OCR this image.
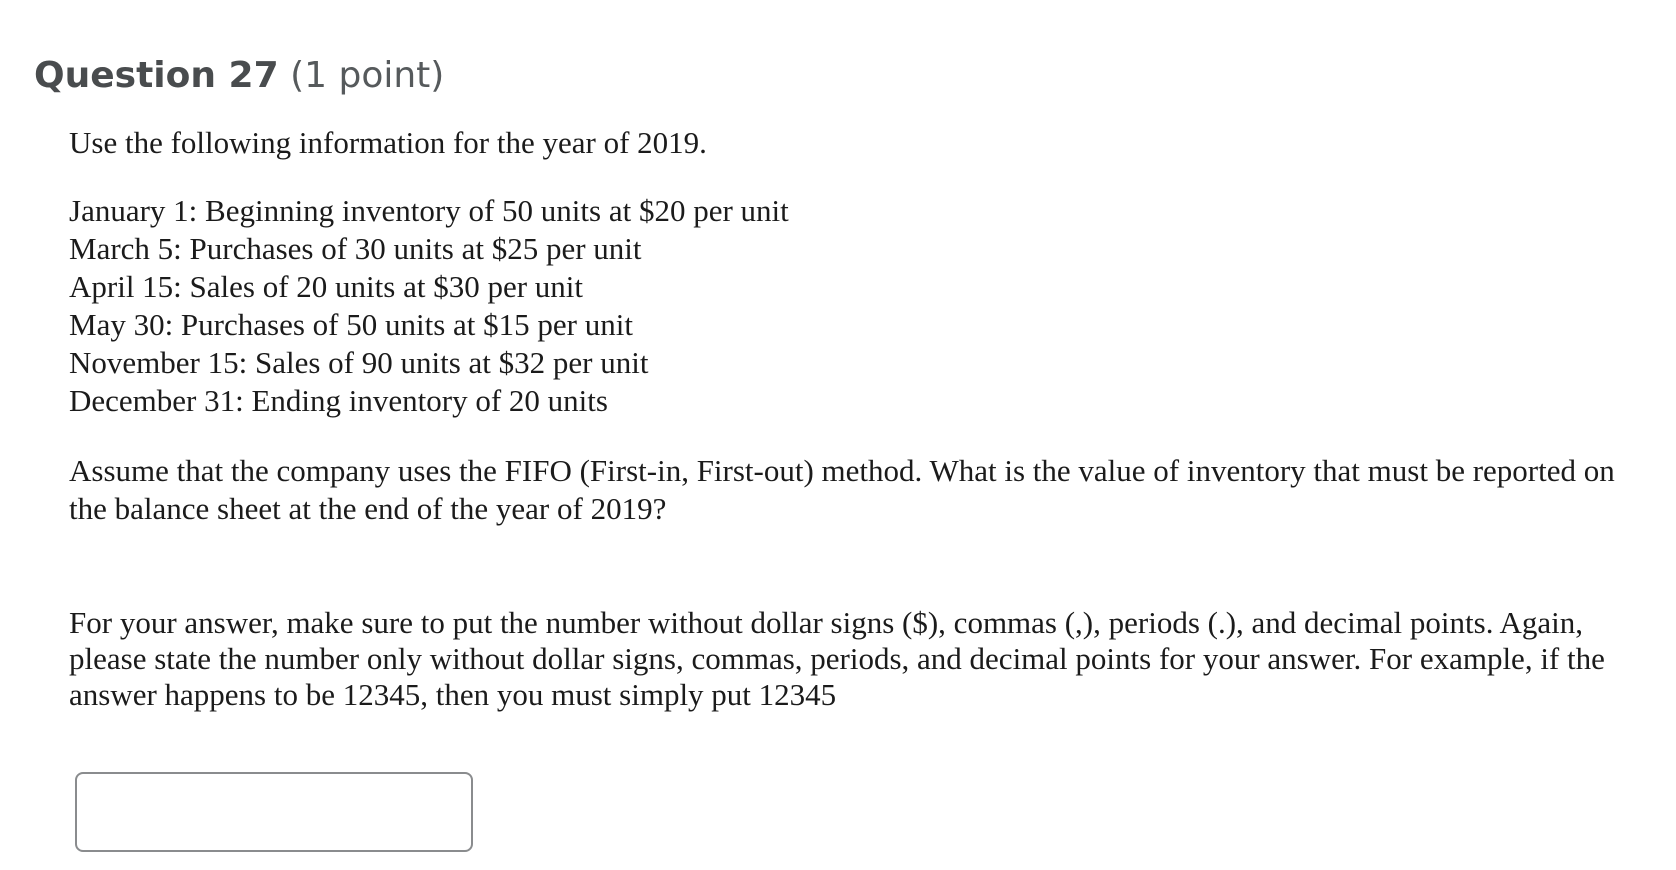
Question 27 (1 point)

Use the following information for the year of 2019.

January 1: Beginning inventory of 50 units at $20 per unit
March 5: Purchases of 30 units at $25 per unit
April 15: Sales of 20 units at $30 per unit
May 30: Purchases of 50 units at $15 per unit
November 15: Sales of 90 units at $32 per unit
December 31: Ending inventory of 20 units

Assume that the company uses the FIFO (First-in, First-out) method. What is the value of inventory that must be reported on the balance sheet at the end of the year of 2019?

For your answer, make sure to put the number without dollar signs ($), commas (,), periods (.), and decimal points. Again, please state the number only without dollar signs, commas, periods, and decimal points for your answer. For example, if the answer happens to be 12345, then you must simply put 12345
